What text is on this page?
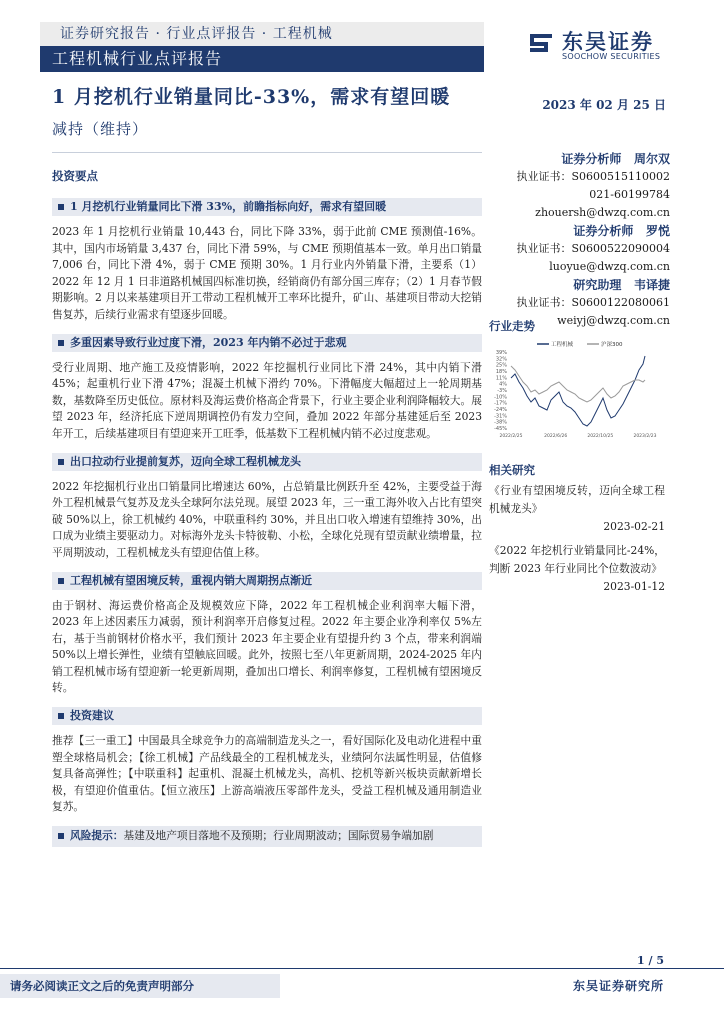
证券研究报告 · 行业点评报告 · 工程机械
工程机械行业点评报告
东吴证券
SOOCHOW SECURITIES
1 月挖机行业销量同比-33%，需求有望回暖	2023 年 02 月 25 日
减持（维持）
证券分析师 周尔双
执业证书：S0600515110002
021-60199784
zhouersh@dwzq.com.cn
证券分析师 罗悦
执业证书：S0600522090004
luoyue@dwzq.com.cn
研究助理 韦译捷
执业证书：S0600122080061
weiyj@dwzq.com.cn
投资要点
1 月挖机行业销量同比下滑 33%，前瞻指标向好，需求有望回暖
2023 年 1 月挖机行业销量 10,443 台，同比下降 33%，弱于此前 CME 预测值-16%。其中，国内市场销量 3,437 台，同比下滑 59%，与 CME 预期值基本一致。单月出口销量 7,006 台，同比下滑 4%，弱于 CME 预期 30%。1 月行业内外销量下滑，主要系（1）2022 年 12 月 1 日非道路机械国四标准切换，经销商仍有部分国三库存；（2）1 月春节假期影响。2 月以来基建项目开工带动工程机械开工率环比提升，矿山、基建项目带动大挖销售复苏，后续行业需求有望逐步回暖。
多重因素导致行业过度下滑，2023 年内销不必过于悲观
受行业周期、地产施工及疫情影响，2022 年挖掘机行业同比下滑 24%，其中内销下滑 45%；起重机行业下滑 47%；混凝土机械下滑约 70%。下滑幅度大幅超过上一轮周期基数，基数降至历史低位。原材料及海运费价格高企背景下，行业主要企业利润降幅较大。展望 2023 年，经济托底下逆周期调控仍有发力空间，叠加 2022 年部分基建延后至 2023 年开工，后续基建项目有望迎来开工旺季，低基数下工程机械内销不必过度悲观。
出口拉动行业提前复苏，迈向全球工程机械龙头
2022 年挖掘机行业出口销量同比增速达 60%，占总销量比例跃升至 42%，主要受益于海外工程机械景气复苏及龙头全球阿尔法兑现。展望 2023 年，三一重工海外收入占比有望突破 50%以上，徐工机械约 40%，中联重科约 30%，并且出口收入增速有望维持 30%，出口成为业绩主要驱动力。对标海外龙头卡特彼勒、小松，全球化兑现有望贡献业绩增量，拉平周期波动，工程机械龙头有望迎估值上移。
工程机械有望困境反转，重视内销大周期拐点渐近
由于钢材、海运费价格高企及规模效应下降，2022 年工程机械企业利润率大幅下滑，2023 年上述因素压力减弱，预计利润率开启修复过程。2022 年主要企业净利率仅 5%左右，基于当前钢材价格水平，我们预计 2023 年主要企业有望提升约 3 个点，带来利润端 50%以上增长弹性，业绩有望触底回暖。此外，按照七至八年更新周期，2024-2025 年内销工程机械市场有望迎新一轮更新周期，叠加出口增长、利润率修复，工程机械有望困境反转。
投资建议
推荐【三一重工】中国最具全球竞争力的高端制造龙头之一，看好国际化及电动化进程中重塑全球格局机会；【徐工机械】产品线最全的工程机械龙头，业绩阿尔法属性明显，估值修复具备高弹性；【中联重科】起重机、混凝土机械龙头，高机、挖机等新兴板块贡献新增长极，有望迎价值重估。【恒立液压】上游高端液压零部件龙头，受益工程机械及通用制造业复苏。
风险提示：基建及地产项目落地不及预期；行业周期波动；国际贸易争端加剧
行业走势
工程机械	沪深300
39%
32%
25%
18%
11%
4%
-3%
-10%
-17%
-24%
-31%
-38%
-45%
2022/2/25	2022/6/26	2022/10/25	2023/2/23
相关研究
《行业有望困境反转，迈向全球工程机械龙头》
2023-02-21
《2022 年挖机行业销量同比-24%，判断 2023 年行业同比个位数波动》
2023-01-12
1 / 5
请务必阅读正文之后的免责声明部分	东吴证券研究所
